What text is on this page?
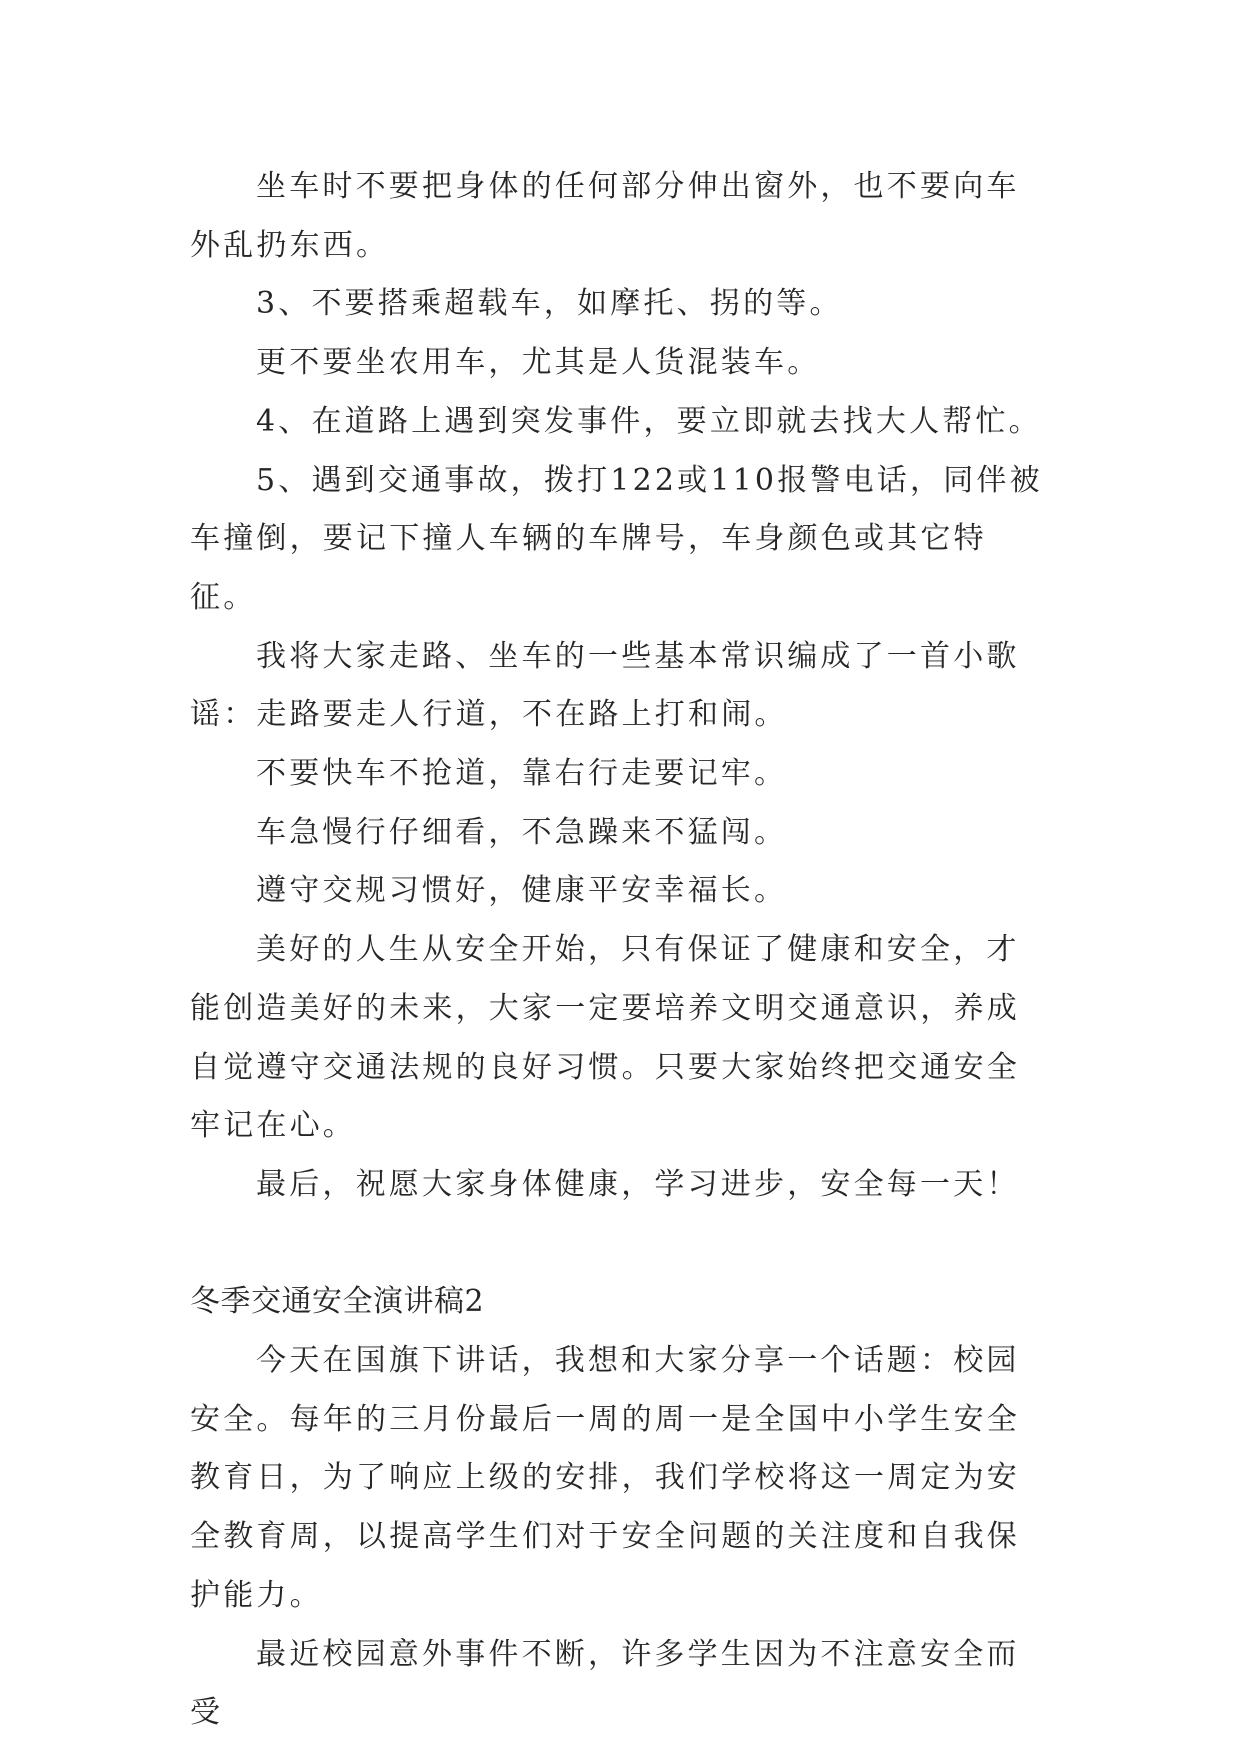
坐车时不要把身体的任何部分伸出窗外，也不要向车外乱扔东西。

3、不要搭乘超载车，如摩托、拐的等。

更不要坐农用车，尤其是人货混装车。

4、在道路上遇到突发事件，要立即就去找大人帮忙。

5、遇到交通事故，拨打122或110报警电话，同伴被车撞倒，要记下撞人车辆的车牌号，车身颜色或其它特征。

我将大家走路、坐车的一些基本常识编成了一首小歌谣：走路要走人行道，不在路上打和闹。

不要快车不抢道，靠右行走要记牢。

车急慢行仔细看，不急躁来不猛闯。

遵守交规习惯好，健康平安幸福长。

美好的人生从安全开始，只有保证了健康和安全，才能创造美好的未来，大家一定要培养文明交通意识，养成自觉遵守交通法规的良好习惯。只要大家始终把交通安全牢记在心。

最后，祝愿大家身体健康，学习进步，安全每一天！

冬季交通安全演讲稿2

今天在国旗下讲话，我想和大家分享一个话题：校园安全。每年的三月份最后一周的周一是全国中小学生安全教育日，为了响应上级的安排，我们学校将这一周定为安全教育周，以提高学生们对于安全问题的关注度和自我保护能力。

最近校园意外事件不断，许多学生因为不注意安全而受
